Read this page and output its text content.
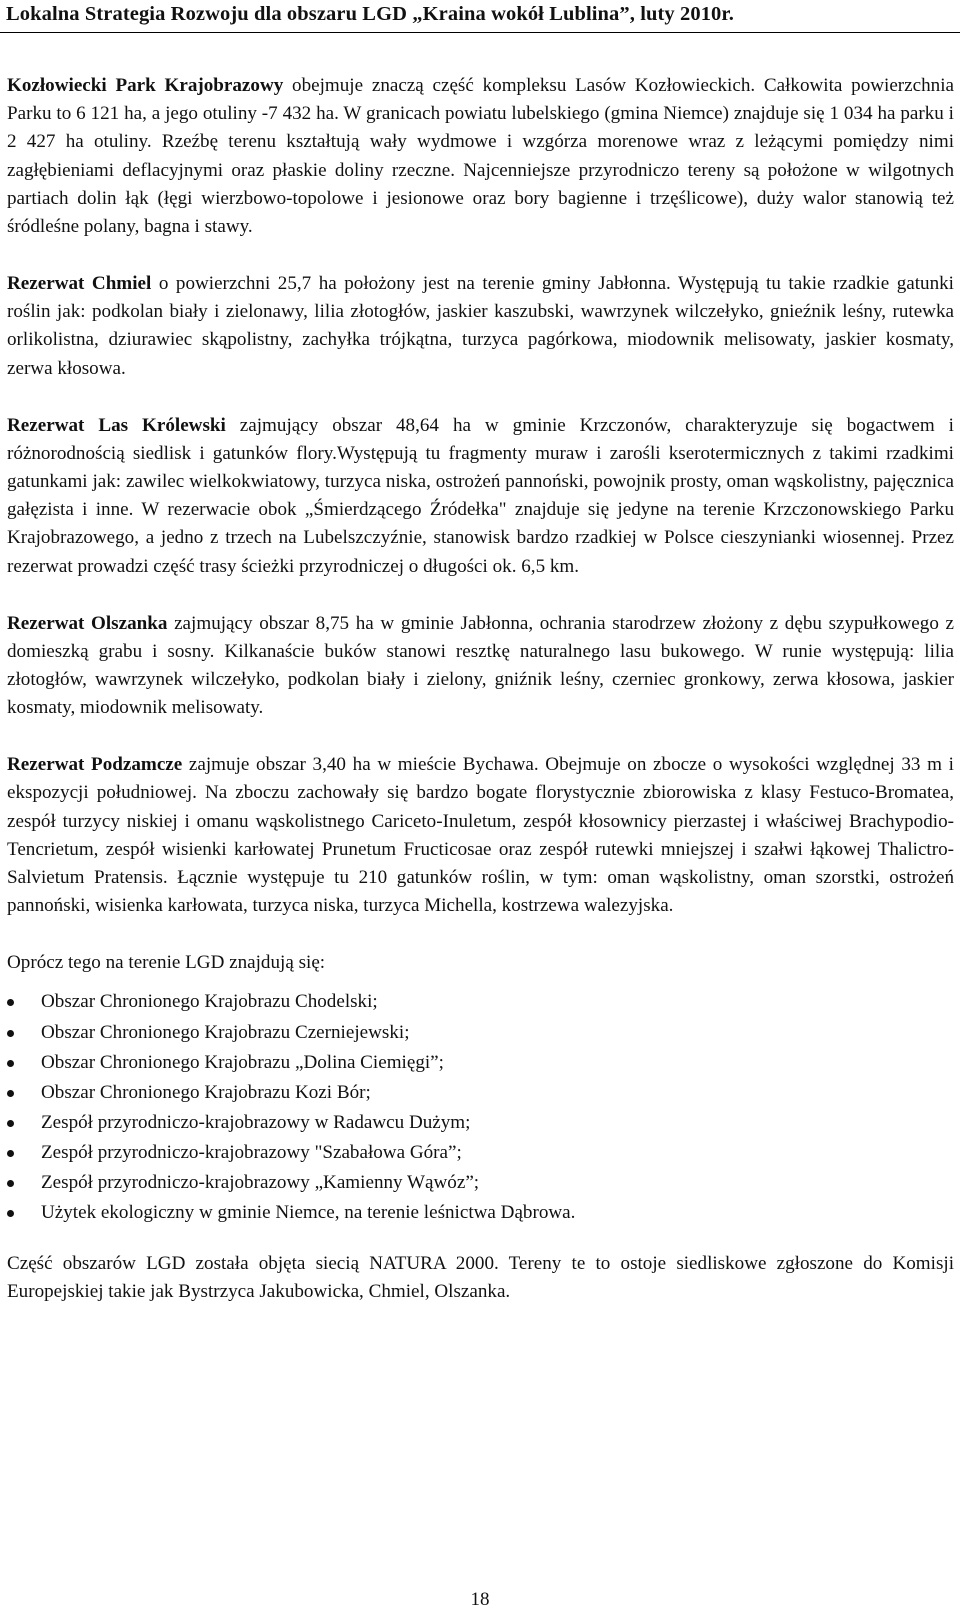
Lokalna Strategia Rozwoju dla obszaru LGD „Kraina wokół Lublina”, luty 2010r.

Kozłowiecki Park Krajobrazowy obejmuje znaczą część kompleksu Lasów Kozłowieckich. Całkowita powierzchnia Parku to 6 121 ha, a jego otuliny -7 432 ha. W granicach powiatu lubelskiego (gmina Niemce) znajduje się 1 034 ha parku i 2 427 ha otuliny. Rzeźbę terenu kształtują wały wydmowe i wzgórza morenowe wraz z leżącymi pomiędzy nimi zagłębieniami deflacyjnymi oraz płaskie doliny rzeczne. Najcenniejsze przyrodniczo tereny są położone w wilgotnych partiach dolin łąk (łęgi wierzbowo-topolowe i jesionowe oraz bory bagienne i trzęślicowe), duży walor stanowią też śródleśne polany, bagna i stawy.

Rezerwat Chmiel o powierzchni 25,7 ha położony jest na terenie gminy Jabłonna. Występują tu takie rzadkie gatunki roślin jak: podkolan biały i zielonawy, lilia złotogłów, jaskier kaszubski, wawrzynek wilczełyko, gnieźnik leśny, rutewka orlikolistna, dziurawiec skąpolistny, zachyłka trójkątna, turzyca pagórkowa, miodownik melisowaty, jaskier kosmaty, zerwa kłosowa.

Rezerwat Las Królewski zajmujący obszar 48,64 ha w gminie Krzczonów, charakteryzuje się bogactwem i różnorodnością siedlisk i gatunków flory.Występują tu fragmenty muraw i zarośli kserotermicznych z takimi rzadkimi gatunkami jak: zawilec wielkokwiatowy, turzyca niska, ostrożeń pannoński, powojnik prosty, oman wąskolistny, pajęcznica gałęzista i inne. W rezerwacie obok „Śmierdzącego Źródełka" znajduje się jedyne na terenie Krzczonowskiego Parku Krajobrazowego, a jedno z trzech na Lubelszczyźnie, stanowisk bardzo rzadkiej w Polsce cieszynianki wiosennej. Przez rezerwat prowadzi część trasy ścieżki przyrodniczej o długości ok. 6,5 km.

Rezerwat Olszanka zajmujący obszar 8,75 ha w gminie Jabłonna, ochrania starodrzew złożony z dębu szypułkowego z domieszką grabu i sosny. Kilkanaście buków stanowi resztkę naturalnego lasu bukowego. W runie występują: lilia złotogłów, wawrzynek wilczełyko, podkolan biały i zielony, gniźnik leśny, czerniec gronkowy, zerwa kłosowa, jaskier kosmaty, miodownik melisowaty.

Rezerwat Podzamcze zajmuje obszar 3,40 ha w mieście Bychawa. Obejmuje on zbocze o wysokości względnej 33 m i ekspozycji południowej. Na zboczu zachowały się bardzo bogate florystycznie zbiorowiska z klasy Festuco-Bromatea, zespół turzycy niskiej i omanu wąskolistnego Cariceto-Inuletum, zespół kłosownicy pierzastej i właściwej Brachypodio-Tencrietum, zespół wisienki karłowatej Prunetum Fructicosae oraz zespół rutewki mniejszej i szałwi łąkowej Thalictro-Salvietum Pratensis. Łącznie występuje tu 210 gatunków roślin, w tym: oman wąskolistny, oman szorstki, ostrożeń pannoński, wisienka karłowata, turzyca niska, turzyca Michella, kostrzewa walezyjska.

Oprócz tego na terenie LGD znajdują się:

Obszar Chronionego Krajobrazu Chodelski;
Obszar Chronionego Krajobrazu Czerniejewski;
Obszar Chronionego Krajobrazu „Dolina Ciemięgi”;
Obszar Chronionego Krajobrazu Kozi Bór;
Zespół przyrodniczo-krajobrazowy w Radawcu Dużym;
Zespół przyrodniczo-krajobrazowy "Szabałowa Góra”;
Zespół przyrodniczo-krajobrazowy „Kamienny Wąwóz”;
Użytek ekologiczny w gminie Niemce, na terenie leśnictwa Dąbrowa.

Część obszarów LGD została objęta siecią NATURA 2000. Tereny te to ostoje siedliskowe zgłoszone do Komisji Europejskiej takie jak Bystrzyca Jakubowicka, Chmiel, Olszanka.

18
